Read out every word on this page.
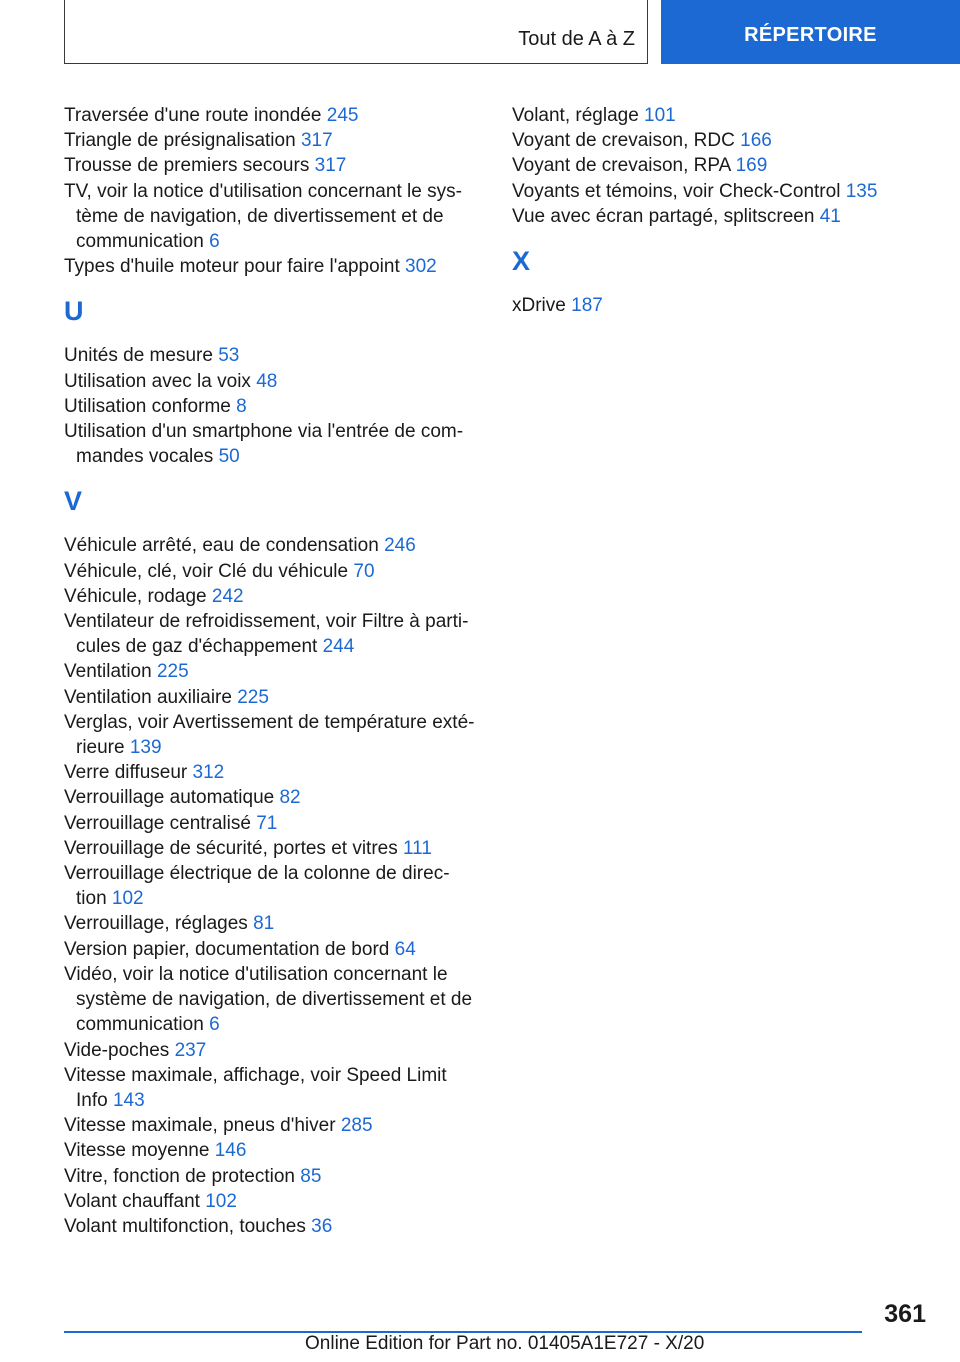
Tout de A à Z	RÉPERTOIRE

Traversée d'une route inondée 245

Triangle de présignalisation 317

Trousse de premiers secours 317

TV, voir la notice d'utilisation concernant le sys‐
tème de navigation, de divertissement et de
communication 6

Types d'huile moteur pour faire l'appoint 302

U

Unités de mesure 53

Utilisation avec la voix 48

Utilisation conforme 8

Utilisation d'un smartphone via l'entrée de com‐
mandes vocales 50

V

Véhicule arrêté, eau de condensation 246

Véhicule, clé, voir Clé du véhicule 70

Véhicule, rodage 242

Ventilateur de refroidissement, voir Filtre à parti‐
cules de gaz d'échappement 244

Ventilation 225

Ventilation auxiliaire 225

Verglas, voir Avertissement de température exté‐
rieure 139

Verre diffuseur 312

Verrouillage automatique 82

Verrouillage centralisé 71

Verrouillage de sécurité, portes et vitres 111

Verrouillage électrique de la colonne de direc‐
tion 102

Verrouillage, réglages 81

Version papier, documentation de bord 64

Vidéo, voir la notice d'utilisation concernant le
système de navigation, de divertissement et de
communication 6

Vide-poches 237

Vitesse maximale, affichage, voir Speed Limit
Info 143

Vitesse maximale, pneus d'hiver 285

Vitesse moyenne 146

Vitre, fonction de protection 85

Volant chauffant 102

Volant multifonction, touches 36

Volant, réglage 101

Voyant de crevaison, RDC 166

Voyant de crevaison, RPA 169

Voyants et témoins, voir Check-Control 135

Vue avec écran partagé, splitscreen 41

X

xDrive 187

361
Online Edition for Part no. 01405A1E727 - X/20
